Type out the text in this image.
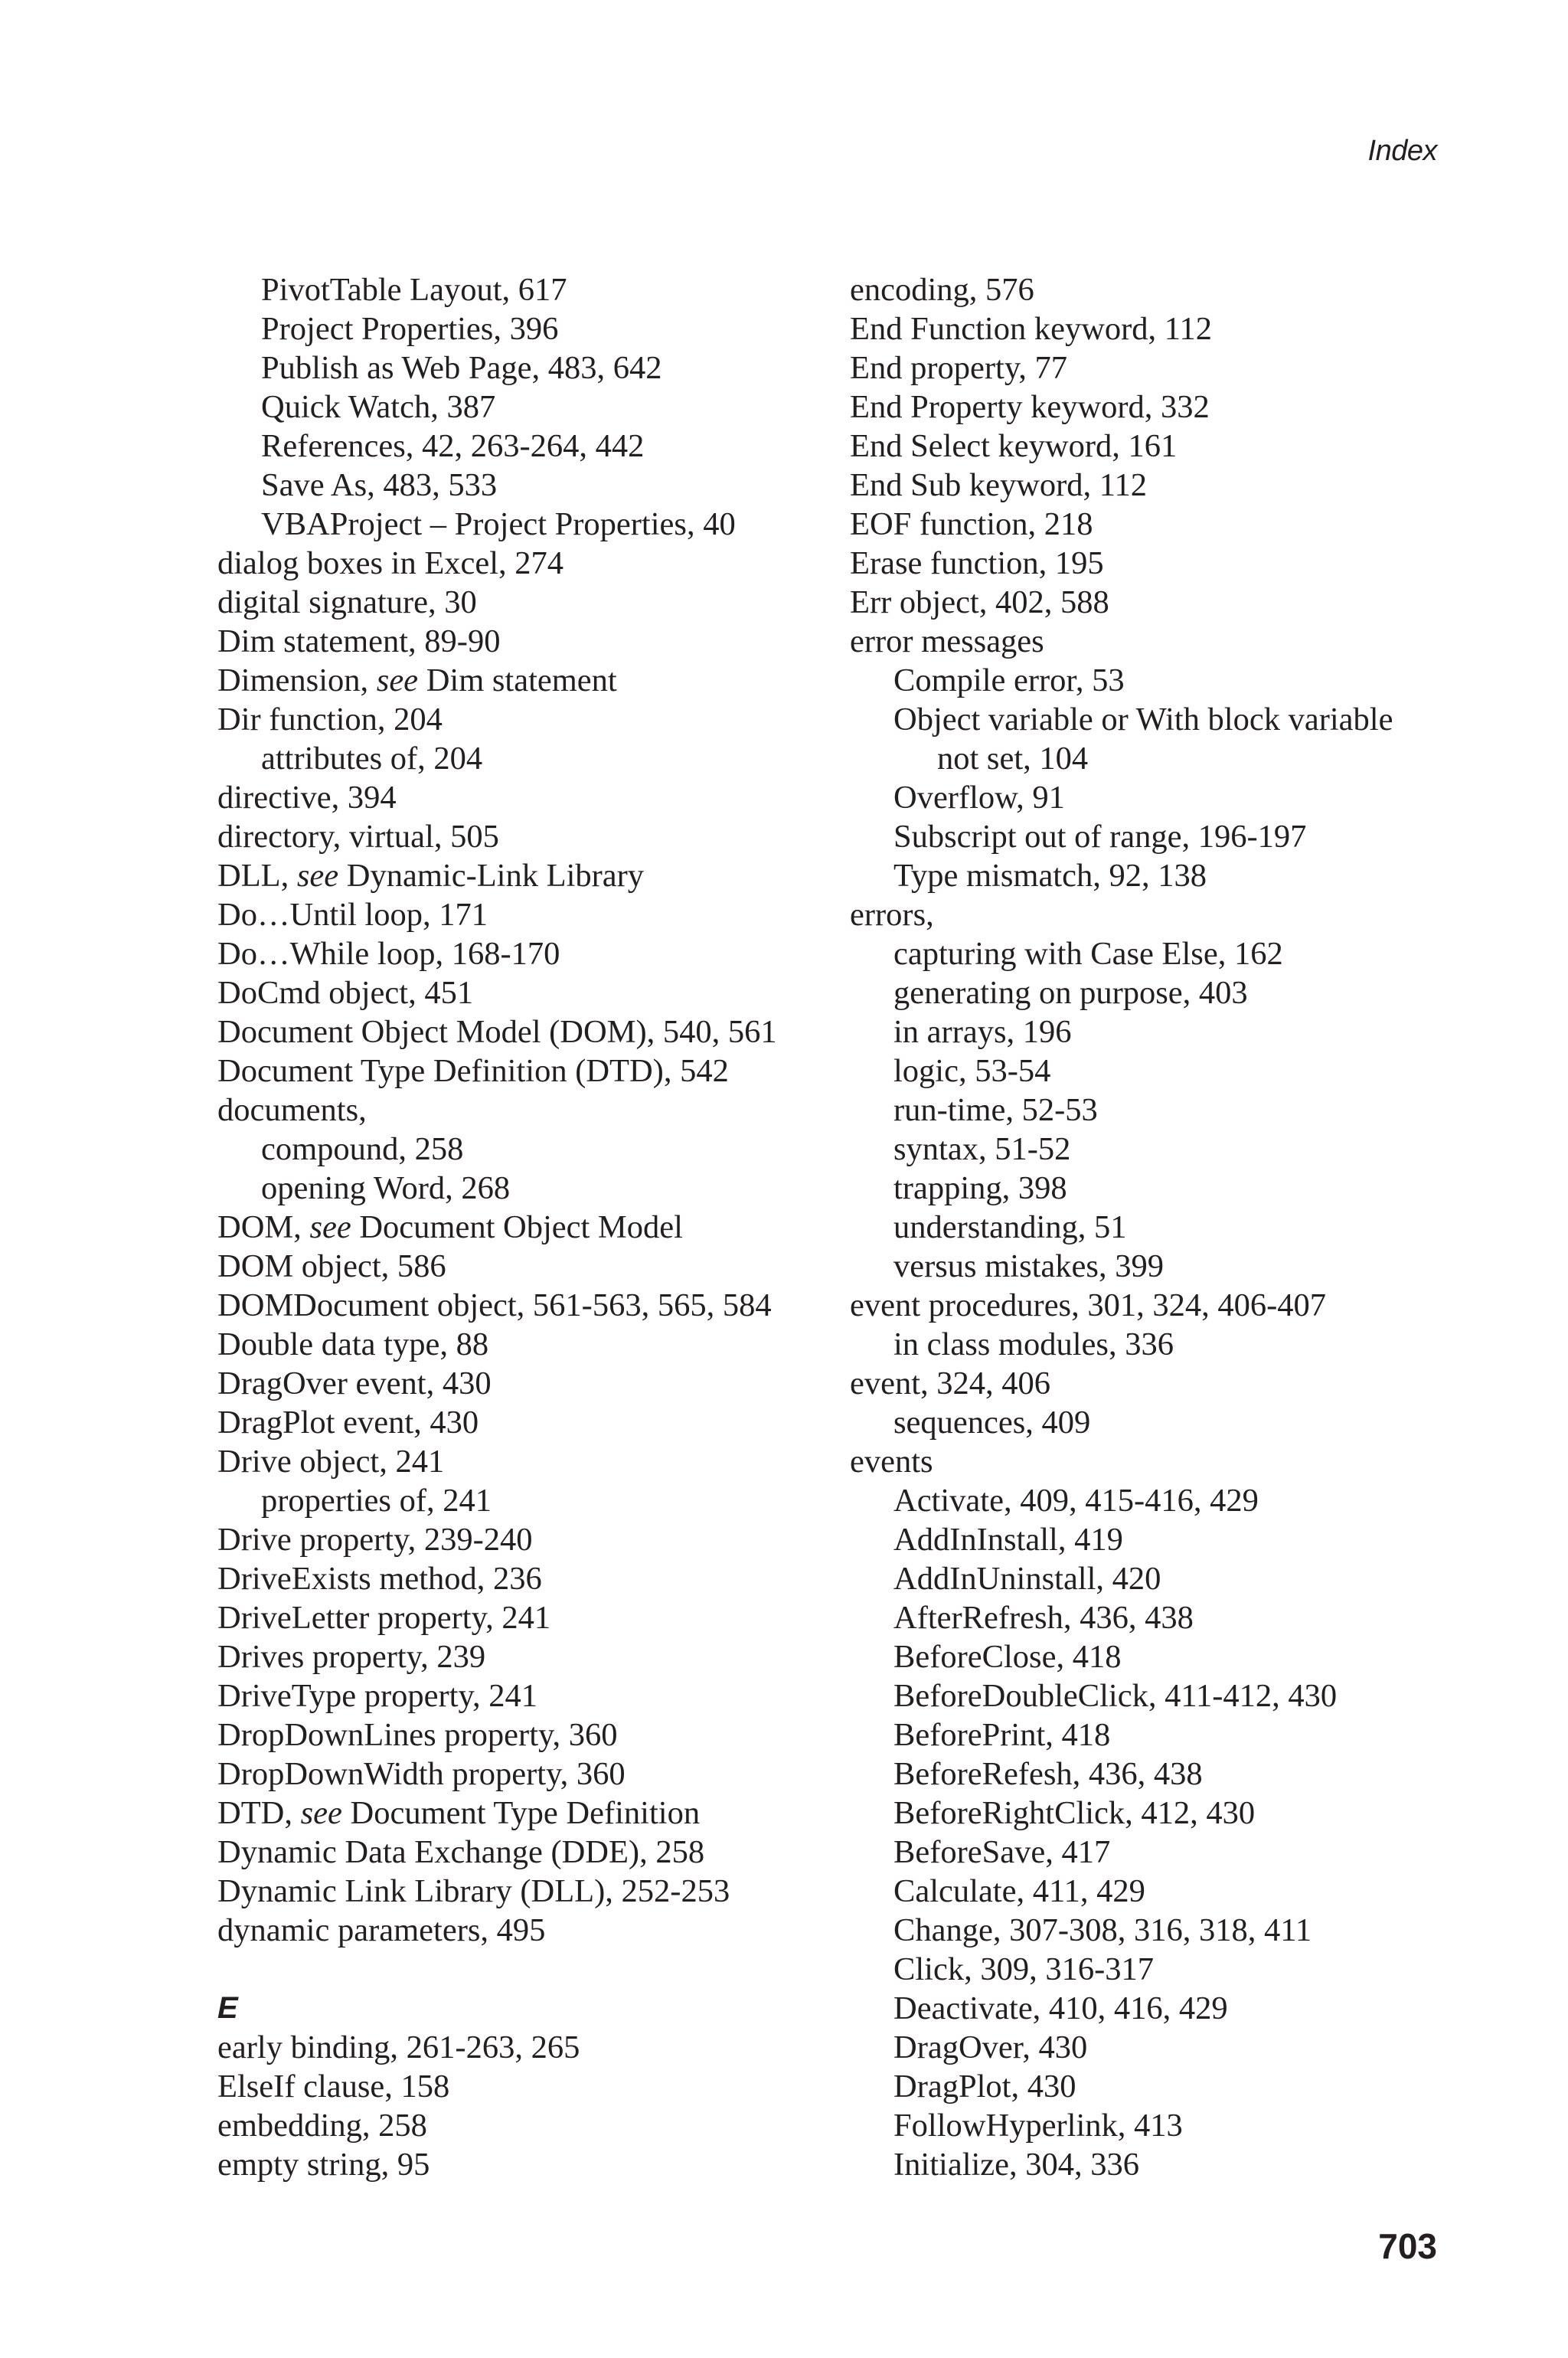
Index
PivotTable Layout, 617
Project Properties, 396
Publish as Web Page, 483, 642
Quick Watch, 387
References, 42, 263-264, 442
Save As, 483, 533
VBAProject – Project Properties, 40
dialog boxes in Excel, 274
digital signature, 30
Dim statement, 89-90
Dimension, see Dim statement
Dir function, 204
attributes of, 204
directive, 394
directory, virtual, 505
DLL, see Dynamic-Link Library
Do…Until loop, 171
Do…While loop, 168-170
DoCmd object, 451
Document Object Model (DOM), 540, 561
Document Type Definition (DTD), 542
documents,
compound, 258
opening Word, 268
DOM, see Document Object Model
DOM object, 586
DOMDocument object, 561-563, 565, 584
Double data type, 88
DragOver event, 430
DragPlot event, 430
Drive object, 241
properties of, 241
Drive property, 239-240
DriveExists method, 236
DriveLetter property, 241
Drives property, 239
DriveType property, 241
DropDownLines property, 360
DropDownWidth property, 360
DTD, see Document Type Definition
Dynamic Data Exchange (DDE), 258
Dynamic Link Library (DLL), 252-253
dynamic parameters, 495
E
early binding, 261-263, 265
ElseIf clause, 158
embedding, 258
empty string, 95
encoding, 576
End Function keyword, 112
End property, 77
End Property keyword, 332
End Select keyword, 161
End Sub keyword, 112
EOF function, 218
Erase function, 195
Err object, 402, 588
error messages
Compile error, 53
Object variable or With block variable
not set, 104
Overflow, 91
Subscript out of range, 196-197
Type mismatch, 92, 138
errors,
capturing with Case Else, 162
generating on purpose, 403
in arrays, 196
logic, 53-54
run-time, 52-53
syntax, 51-52
trapping, 398
understanding, 51
versus mistakes, 399
event procedures, 301, 324, 406-407
in class modules, 336
event, 324, 406
sequences, 409
events
Activate, 409, 415-416, 429
AddInInstall, 419
AddInUninstall, 420
AfterRefresh, 436, 438
BeforeClose, 418
BeforeDoubleClick, 411-412, 430
BeforePrint, 418
BeforeRefesh, 436, 438
BeforeRightClick, 412, 430
BeforeSave, 417
Calculate, 411, 429
Change, 307-308, 316, 318, 411
Click, 309, 316-317
Deactivate, 410, 416, 429
DragOver, 430
DragPlot, 430
FollowHyperlink, 413
Initialize, 304, 336
703
